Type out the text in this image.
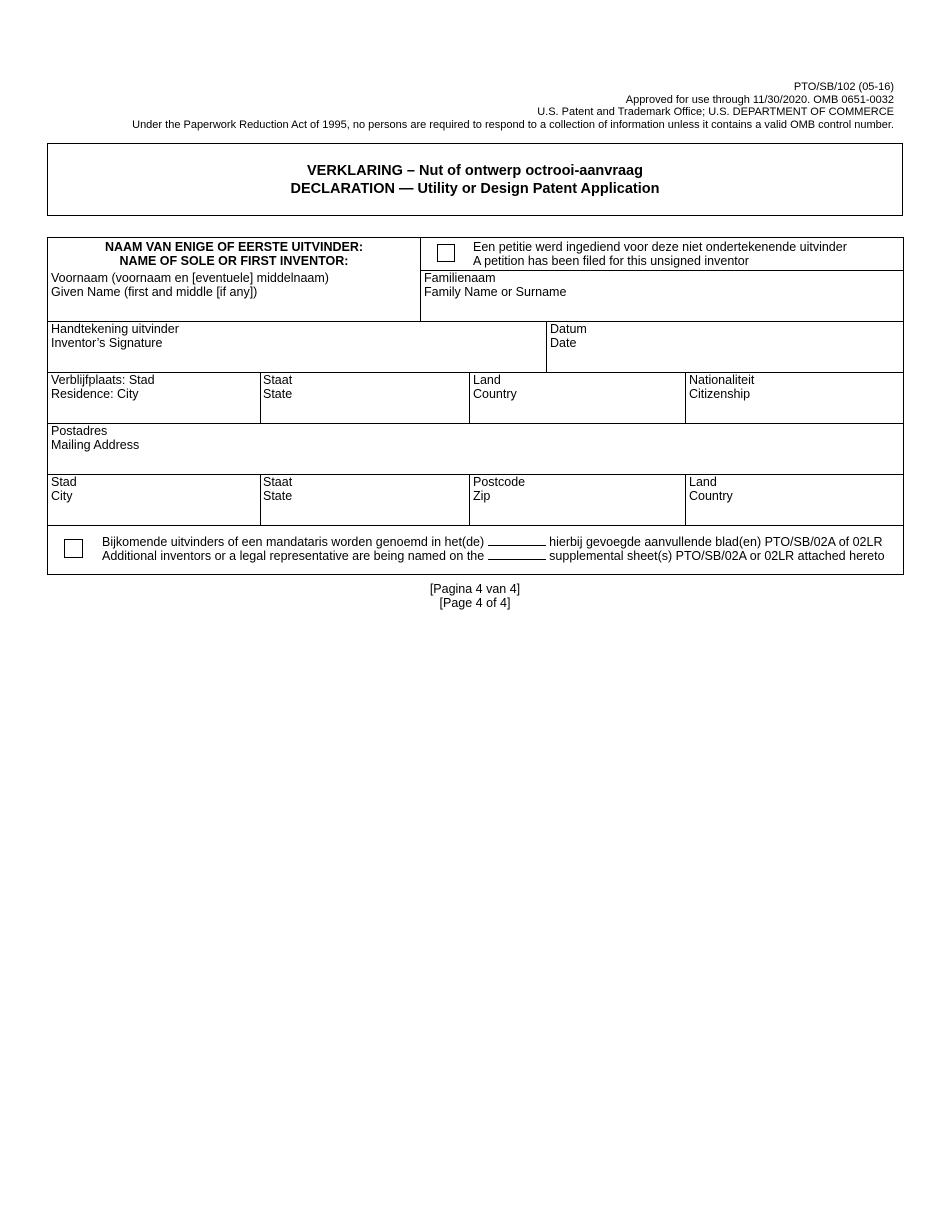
PTO/SB/102 (05-16)
Approved for use through 11/30/2020. OMB 0651-0032
U.S. Patent and Trademark Office; U.S. DEPARTMENT OF COMMERCE
Under the Paperwork Reduction Act of 1995, no persons are required to respond to a collection of information unless it contains a valid OMB control number.
VERKLARING – Nut of ontwerp octrooi-aanvraag
DECLARATION — Utility or Design Patent Application
NAAM VAN ENIGE OF EERSTE UITVINDER:
NAME OF SOLE OR FIRST INVENTOR:
Een petitie werd ingediend voor deze niet ondertekenende uitvinder
A petition has been filed for this unsigned inventor
Voornaam (voornaam en [eventuele] middelnaam)
Given Name (first and middle [if any])
Familienaam
Family Name or Surname
Handtekening uitvinder
Inventor’s Signature
Datum
Date
Verblijfplaats: Stad
Residence: City
Staat
State
Land
Country
Nationaliteit
Citizenship
Postadres
Mailing Address
Stad
City
Staat
State
Postcode
Zip
Land
Country
Bijkomende uitvinders of een mandataris worden genoemd in het(de)	hierbij gevoegde aanvullende blad(en) PTO/SB/02A of 02LR
Additional inventors or a legal representative are being named on the	supplemental sheet(s) PTO/SB/02A or 02LR attached hereto
[Pagina 4 van 4]
[Page 4 of 4]
